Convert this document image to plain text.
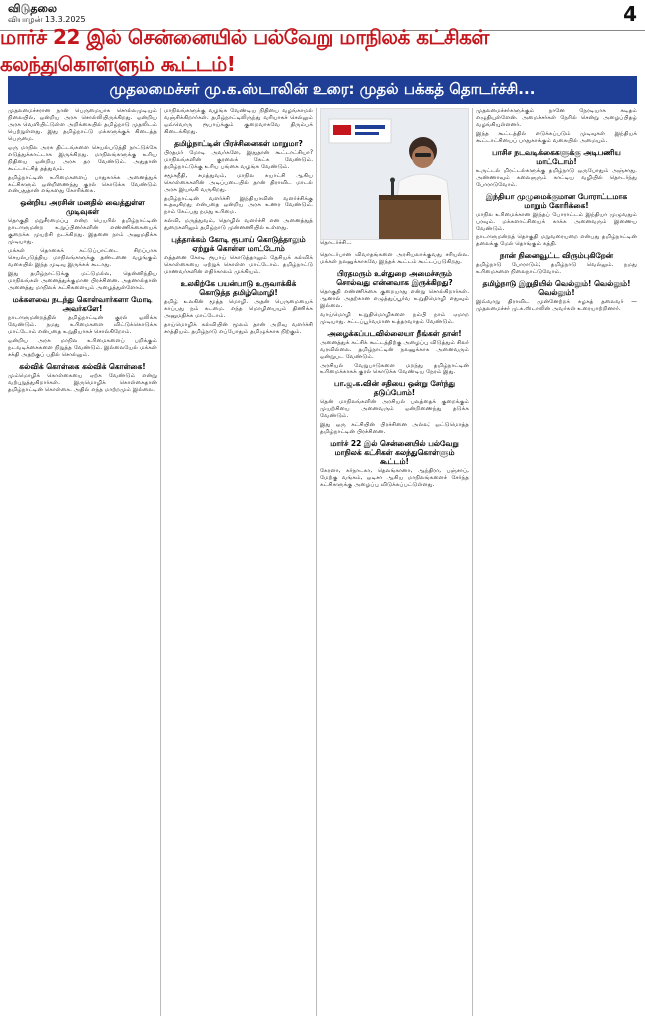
விடுதலை
வியாழன் 13.3.2025	4
மார்ச் 22 இல் சென்னையில் பல்வேறு மாநிலக் கட்சிகள் கலந்துகொள்ளும் கூட்டம்!
முதலமைச்சர் மு.க.ஸ்டாலின் உரை: முதல் பக்கத் தொடர்ச்சி...

முதலமைச்சரான நான் பெருமையாக சொல்லமுடியும் நிலையில், ஒன்றிய அரசு சொல்லியிருக்கிறது. ஒன்றிய அரசு வெளியிட்டுள்ள அறிக்கையில் தமிழ்நாடு முதலிடம் பெற்றுள்ளது. இது தமிழ்நாட்டு மக்களுக்குக் கிடைத்த பெருமை.

ஒரு மாநில அரசு திட்டங்களை செயல்படுத்தி நாட்டுக்கே எடுத்துக்காட்டாக இருக்கிறது. மாநிலங்களுக்கு உரிய நிதியை ஒன்றிய அரசு தர வேண்டும். அதுதான் கூட்டாட்சித் தத்துவம்.

தமிழ்நாட்டின் உரிமைகளைப் பாதுகாக்க அனைத்துக் கட்சிகளும் ஒன்றிணைந்து குரல் கொடுக்க வேண்டும் என்பதுதான் எங்களது கோரிக்கை.

ஒன்றிய அரசின் மனதில் வைத்துள்ள முடிவுகள்

தொகுதி மறுசீரமைப்பு என்ற பெயரில் தமிழ்நாட்டின் நாடாளுமன்ற உறுப்பினர்களின் எண்ணிக்கையைக் குறைக்க முயற்சி நடக்கிறது. இதனை நாம் அனுமதிக்க முடியாது.

மக்கள் தொகைக் கட்டுப்பாட்டை சிறப்பாக செயல்படுத்திய மாநிலங்களுக்கு தண்டனை வழங்கும் வகையில் இந்த முடிவு இருக்கக் கூடாது.

இது தமிழ்நாட்டுக்கு மட்டுமல்ல, தென்னிந்திய மாநிலங்கள் அனைத்துக்குமான பிரச்சினை. அதனால்தான் அனைத்து மாநிலக் கட்சிகளையும் அழைத்துள்ளோம்.

மக்களவை நடந்து கொள்வார்களா மோடி அவர்களே!

நாடாளுமன்றத்தில் தமிழ்நாட்டின் குரல் ஒலிக்க வேண்டும். நமது உரிமைகளை விட்டுக்கொடுக்க மாட்டோம் என்பதை உறுதியாகச் சொல்கிறோம்.

ஒன்றிய அரசு மாநில உரிமைகளைப் பறிக்கும் நடவடிக்கைகளை நிறுத்த வேண்டும். இல்லையேல் மக்கள் சக்தி அதற்குப் பதில் சொல்லும்.

கல்விக் கொள்கை கல்விக் கொள்கை!

மும்மொழிக் கொள்கையை ஏற்க வேண்டும் என்று வற்புறுத்துகிறார்கள். இருமொழிக் கொள்கைதான் தமிழ்நாட்டின் கொள்கை. அதில் எந்த மாற்றமும் இல்லை.

மாநிலங்களுக்கு வழங்க வேண்டிய நிதியை வழங்காமல் வஞ்சிக்கிறார்கள். தமிழ்நாட்டிலிருந்து வரியாகச் செல்லும் ஒவ்வொரு ரூபாய்க்கும் குறைவாகவே திரும்பக் கிடைக்கிறது.

தமிழ்நாட்டின் பிரச்சினைகள் மாறுமா?

பிரதமர் மோடி அவர்களே, இதுதான் கூட்டாட்சியா? மாநிலங்களின் குரலைக் கேட்க வேண்டும். தமிழ்நாட்டுக்கு உரிய பங்கை வழங்க வேண்டும்.

சமூகநீதி, சமத்துவம், மாநில சுயாட்சி ஆகிய கொள்கைகளின் அடிப்படையில் தான் திராவிட மாடல் அரசு இயங்கி வருகிறது.

தமிழ்நாட்டின் வளர்ச்சி இந்தியாவின் வளர்ச்சிக்கு உதவுகிறது என்பதை ஒன்றிய அரசு உணர வேண்டும். நாம் கேட்பது நமது உரிமை.

கல்வி, மருத்துவம், தொழில் வளர்ச்சி என அனைத்துத் துறைகளிலும் தமிழ்நாடு முன்னணியில் உள்ளது.

புத்தாக்கம் கோடி ரூபாய் கொடுத்தாலும் ஏற்றுக் கொள்ள மாட்டோம்

எத்தனை கோடி ரூபாய் கொடுத்தாலும் தேசியக் கல்விக் கொள்கையை ஏற்றுக் கொள்ள மாட்டோம். தமிழ்நாட்டு மாணவர்களின் எதிர்காலம் முக்கியம்.

உலகிற்கே பயன்பாடு உருவாக்கிக் கொடுத்த தமிழ்மொழி!

தமிழ் உலகின் மூத்த மொழி. அதன் பெருமையைக் காப்பது நம் கடமை. எந்த மொழியையும் திணிக்க அனுமதிக்க மாட்டோம்.

தாய்மொழிக் கல்வியின் மூலம் தான் அறிவு வளர்ச்சி சாத்தியம். தமிழ்நாடு எப்போதும் தமிழுக்காக நிற்கும்.

தொடர்ச்சி...

தொடர்பான விவாதங்களை அரசியலாக்குவது சரியல்ல. மக்கள் நலனுக்காகவே இந்தக் கூட்டம் கூட்டப்படுகிறது.

பிரதமரும் உள்துறை அமைச்சரும் சொல்வது என்னவாக இருக்கிறது?

தொகுதி எண்ணிக்கை குறையாது என்று சொல்கிறார்கள். ஆனால் அதற்கான எழுத்துப்பூர்வ உறுதிமொழி எதுவும் இல்லை.

வாய்மொழி உறுதிமொழிகளை நம்பி நாம் ஏமாற முடியாது. சட்டப்பூர்வமான உத்தரவாதம் வேண்டும்.

அழைக்கப்படவில்லையா நீங்கள் தான்!

அனைத்துக் கட்சிக் கூட்டத்திற்கு அழைப்பு விடுத்தும் சிலர் வரவில்லை. தமிழ்நாட்டின் நலனுக்காக அனைவரும் ஒன்றுபட வேண்டும்.

அரசியல் வேறுபாடுகளை மறந்து தமிழ்நாட்டின் உரிமைக்காகக் குரல் கொடுக்க வேண்டிய நேரம் இது.

பா.ஜ.க.வின் சதியை ஒன்று சேர்ந்து தடுப்போம்!

தென் மாநிலங்களின் அரசியல் பலத்தைக் குறைக்கும் முயற்சியை அனைவரும் ஒன்றிணைந்து தடுக்க வேண்டும்.

இது ஒரு கட்சியின் பிரச்சினை அல்ல; ஒட்டுமொத்த தமிழ்நாட்டின் பிரச்சினை.

மார்ச் 22 இல் சென்னையில் பல்வேறு மாநிலக் கட்சிகள் கலந்துகொள்ளும் கூட்டம்!

கேரளா, கர்நாடகா, தெலங்கானா, ஆந்திரா, பஞ்சாப், மேற்கு வங்கம், ஒடிசா ஆகிய மாநிலங்களைச் சேர்ந்த கட்சிகளுக்கு அழைப்பு விடுக்கப்பட்டுள்ளது.

முதலமைச்சர்களுக்கும் நானே நேரடியாக கடிதம் எழுதியுள்ளேன். அமைச்சர்கள் நேரில் சென்று அழைப்பிதழ் வழங்கியுள்ளனர்.

இந்த கூட்டத்தில் எடுக்கப்படும் முடிவுகள் இந்தியக் கூட்டாட்சியைப் பாதுகாக்கும் வகையில் அமையும்.

பாசிச நடவடிக்கைகளுக்கு அடிபணிய மாட்டோம்!

உருட்டல் மிரட்டல்களுக்கு தமிழ்நாடு ஒருபோதும் அஞ்சாது. அண்ணாவும் கலைஞரும் காட்டிய வழியில் தொடர்ந்து போராடுவோம்.

இந்தியா முழுமைக்குமான போராட்டமாக மாறும் கோரிக்கை!

மாநில உரிமைக்கான இந்தப் போராட்டம் இந்தியா முழுவதும் பரவும். மக்களாட்சியைக் காக்க அனைவரும் இணைய வேண்டும்.

நாடாளுமன்றத் தொகுதி மறுவரையறை என்பது தமிழ்நாட்டின் தலைக்கு மேல் தொங்கும் கத்தி.

நான் நினைவூட்ட விரும்புகிறேன்

தமிழ்நாடு போராடும்; தமிழ்நாடு வெல்லும். நமது உரிமைகளை நிலைநாட்டுவோம்.

தமிழ்நாடு இறுதியில் வெல்லும்! வெல்லும்! வெல்லும்!

இவ்வாறு திராவிட முன்னேற்றக் கழகத் தலைவர் — முதலமைச்சர் மு.க.ஸ்டாலின் அவர்கள் உரையாற்றினார்.
